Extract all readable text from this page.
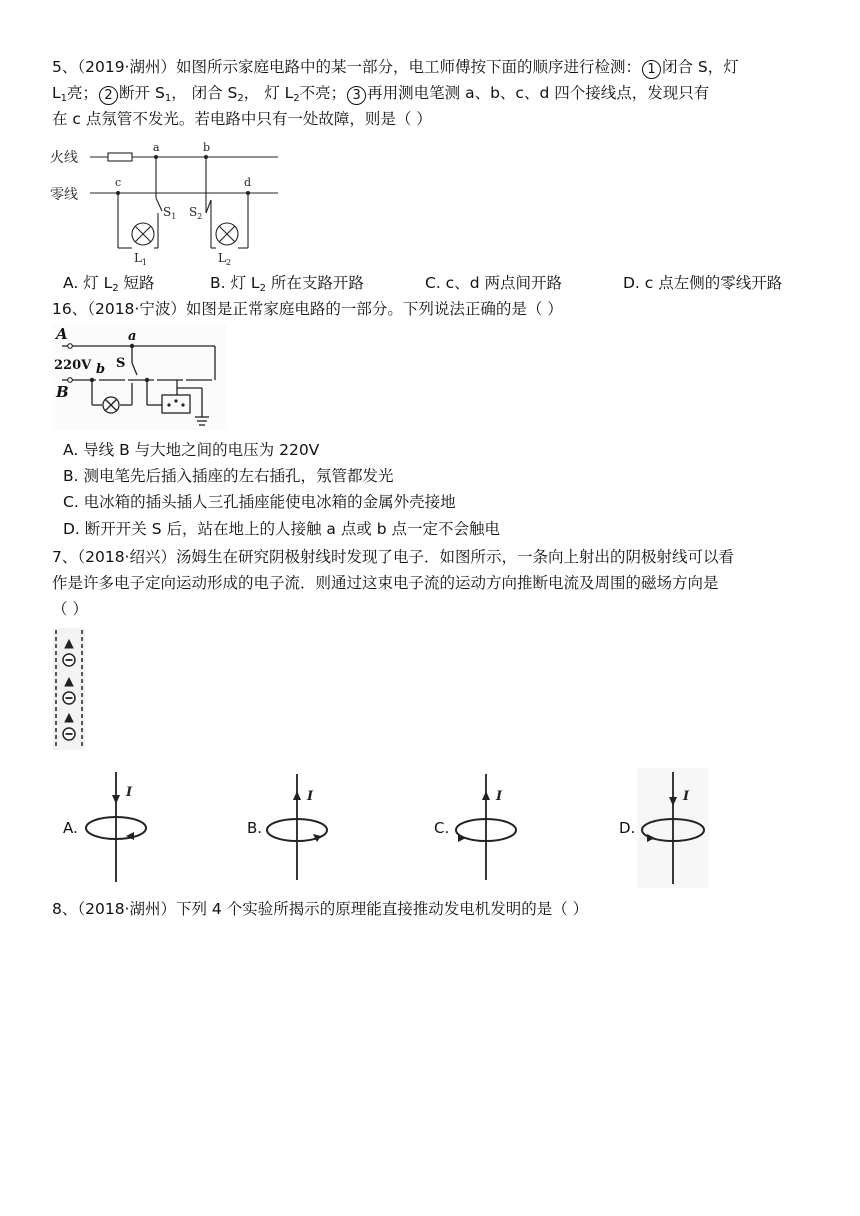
5、（2019·湖州）如图所示家庭电路中的某一部分，电工师傅按下面的顺序进行检测： 1 闭合 S，灯
$L_1$亮； 2 断开 $S_1$， 闭合 $S_2$， 灯 $L_2$不亮； 3 再用测电笔测 a、b、c、d 四个接线点，发现只有
在 c 点氖管不发光。若电路中只有一处故障，则是（ ）
火线
零线
a	b
c	d
$S_1$ $S_2$
$L_1$	$L_2$
A. 灯 $L_2$ 短路	B. 灯 $L_2$ 所在支路开路	C. c、d 两点间开路	D. c 点左侧的零线开路
16、（2018·宁波）如图是正常家庭电路的一部分。下列说法正确的是（ ）
A	a
220V b S
B
A. 导线 B 与大地之间的电压为 220V
B. 测电笔先后插入插座的左右插孔，氖管都发光
C. 电冰箱的插头插人三孔插座能使电冰箱的金属外壳接地
D. 断开开关 S 后，站在地上的人接触 a 点或 b 点一定不会触电
7、（2018·绍兴）汤姆生在研究阴极射线时发现了电子．如图所示，一条向上射出的阴极射线可以看
作是许多电子定向运动形成的电子流．则通过这束电子流的运动方向推断电流及周围的磁场方向是
（ ）
A.
I
B.
I
C.
I
D.
I
8、（2018·湖州）下列 4 个实验所揭示的原理能直接推动发电机发明的是（ ）
